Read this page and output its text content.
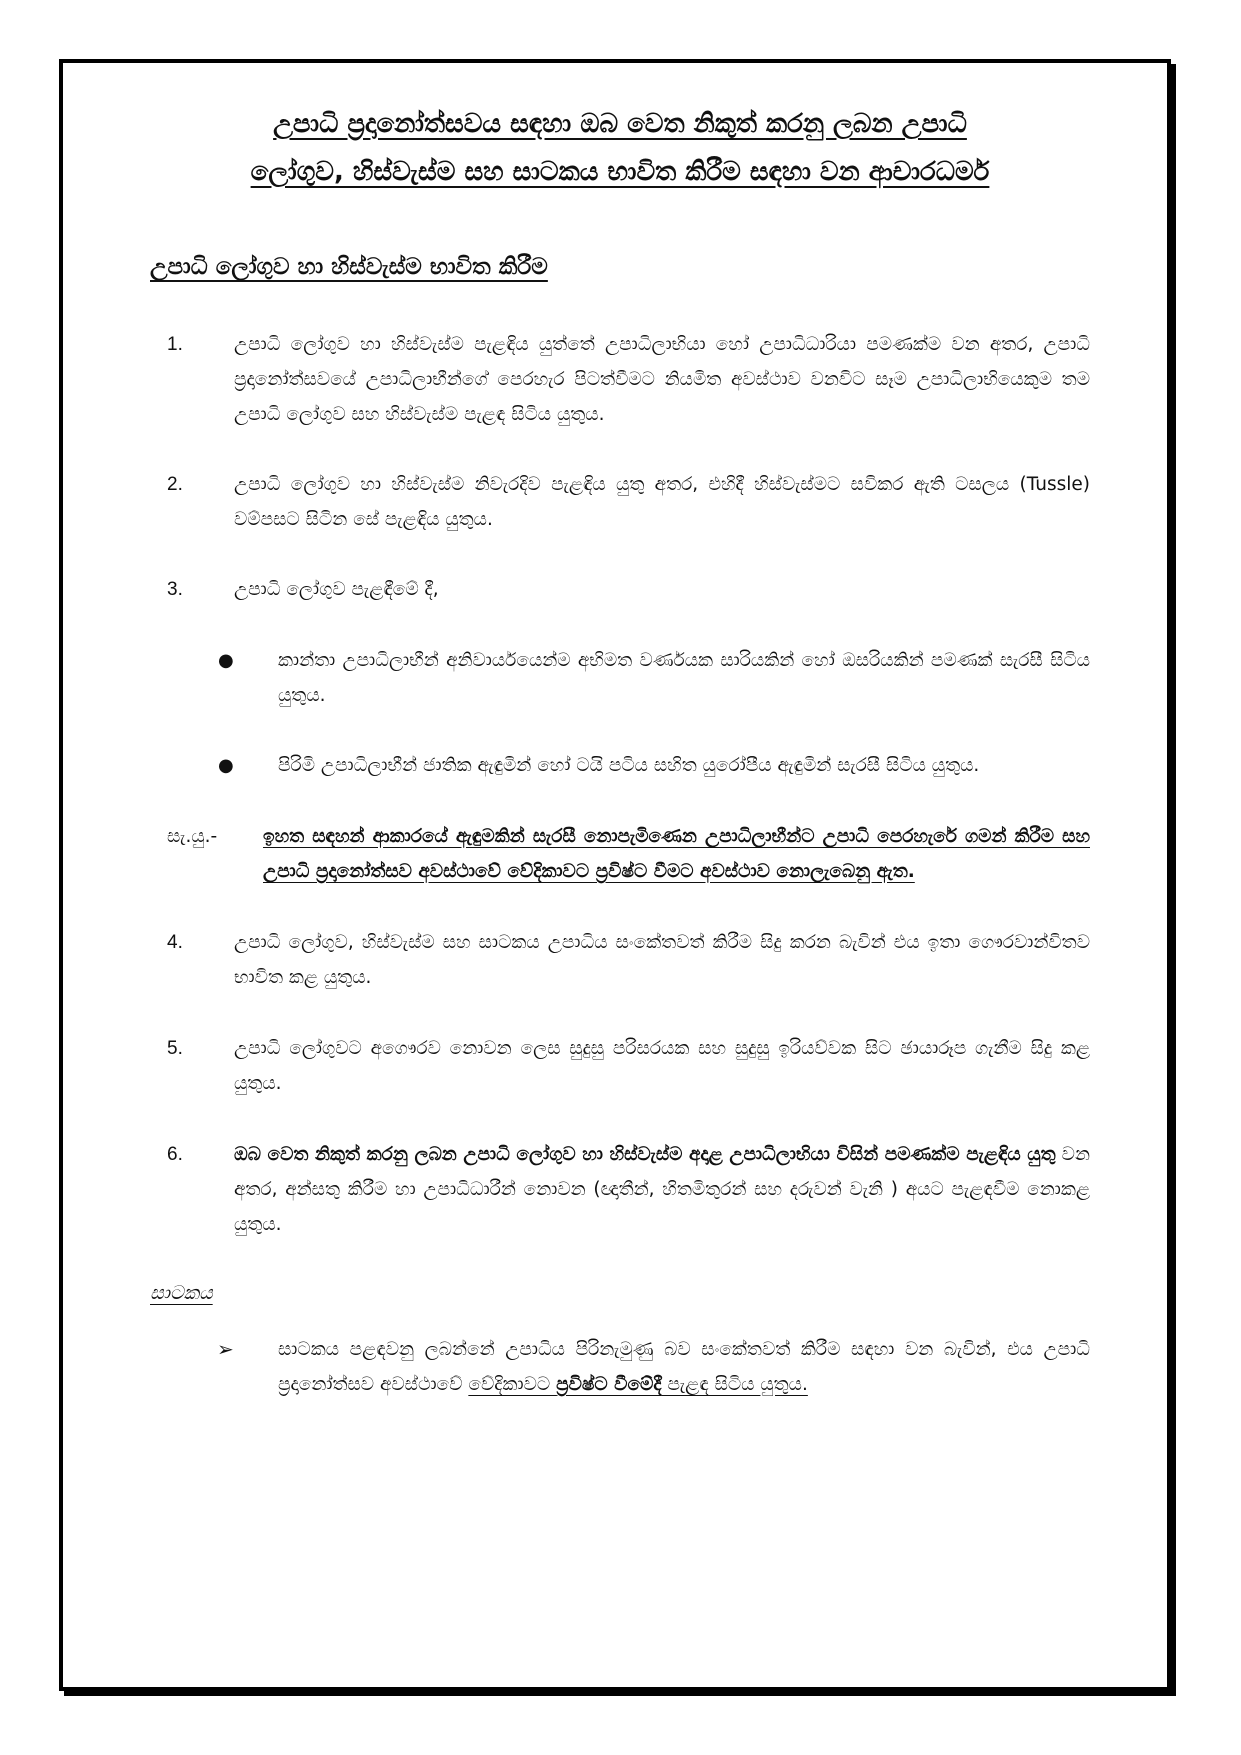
උපාධි ප්‍රදානෝත්සවය සඳහා ඔබ වෙත නිකුත් කරනු ලබන උපාධි
ලෝගුව, හිස්වැස්ම සහ සාටකය භාවිත කිරීම සඳහා වන ආචාරධර්ම
උපාධි ලෝගුව හා හිස්වැස්ම භාවිත කිරීම
1.	උපාධි ලෝගුව හා හිස්වැස්ම පැළඳිය යුත්තේ උපාධිලාභියා හෝ උපාධිධාරියා පමණක්ම වන අතර, උපාධි ප්‍රදානෝත්සවයේ උපාධිලාභීන්ගේ පෙරහැර පිටත්වීමට නියමිත අවස්ථාව වනවිට සෑම උපාධිලාභියෙකුම තම උපාධි ලෝගුව සහ හිස්වැස්ම පැළඳ සිටිය යුතුය.
2.	උපාධි ලෝගුව හා හිස්වැස්ම නිවැරදිව පැළඳිය යුතු අතර, එහිදී හිස්වැස්මට සවිකර ඇති ටසලය (Tussle) වම්පසට සිටින සේ පැළඳිය යුතුය.
3.	උපාධි ලෝගුව පැළඳීමේ දී,
● කාන්තා උපාධිලාභීන් අනිවාර්යයෙන්ම අභිමත වර්ණයක සාරියකින් හෝ ඔසරියකින් පමණක් සැරසී සිටිය යුතුය.
● පිරිමි උපාධිලාභීන් ජාතික ඇඳුමින් හෝ ටයි පටිය සහිත යුරෝපීය ඇඳුමින් සැරසී සිටිය යුතුය.
සැ.යු.- ඉහත සඳහන් ආකාරයේ ඇඳුමකින් සැරසී නොපැමිණෙන උපාධිලාභීන්ට උපාධි පෙරහැරේ ගමන් කිරීම සහ උපාධි ප්‍රදානෝත්සව අවස්ථාවේ වේදිකාවට ප්‍රවිෂ්ට වීමට අවස්ථාව නොලැබෙනු ඇත.
4.	උපාධි ලෝගුව, හිස්වැස්ම සහ සාටකය උපාධිය සංකේතවත් කිරීම සිදු කරන බැවින් එය ඉතා ගෞරවාන්විතව භාවිත කළ යුතුය.
5.	උපාධි ලෝගුවට අගෞරව නොවන ලෙස සුදුසු පරිසරයක සහ සුදුසු ඉරියව්වක සිට ඡායාරූප ගැනීම සිදු කළ යුතුය.
6.	ඔබ වෙත නිකුත් කරනු ලබන උපාධි ලෝගුව හා හිස්වැස්ම අදාළ උපාධිලාභියා විසින් පමණක්ම පැළඳිය යුතු වන අතර, අන්සතු කිරීම හා උපාධිධාරීන් නොවන (ඥාතීන්, හිතමිතුරන් සහ දරුවන් වැනි ) අයට පැළඳවීම නොකළ යුතුය.
සාටකය
➢ සාටකය පළඳවනු ලබන්නේ උපාධිය පිරිනැමුණු බව සංකේතවත් කිරීම සඳහා වන බැවින්, එය උපාධි ප්‍රදානෝත්සව අවස්ථාවේ වේදිකාවට ප්‍රවිෂ්ට වීමේදී පැළඳ සිටිය යුතුය.
